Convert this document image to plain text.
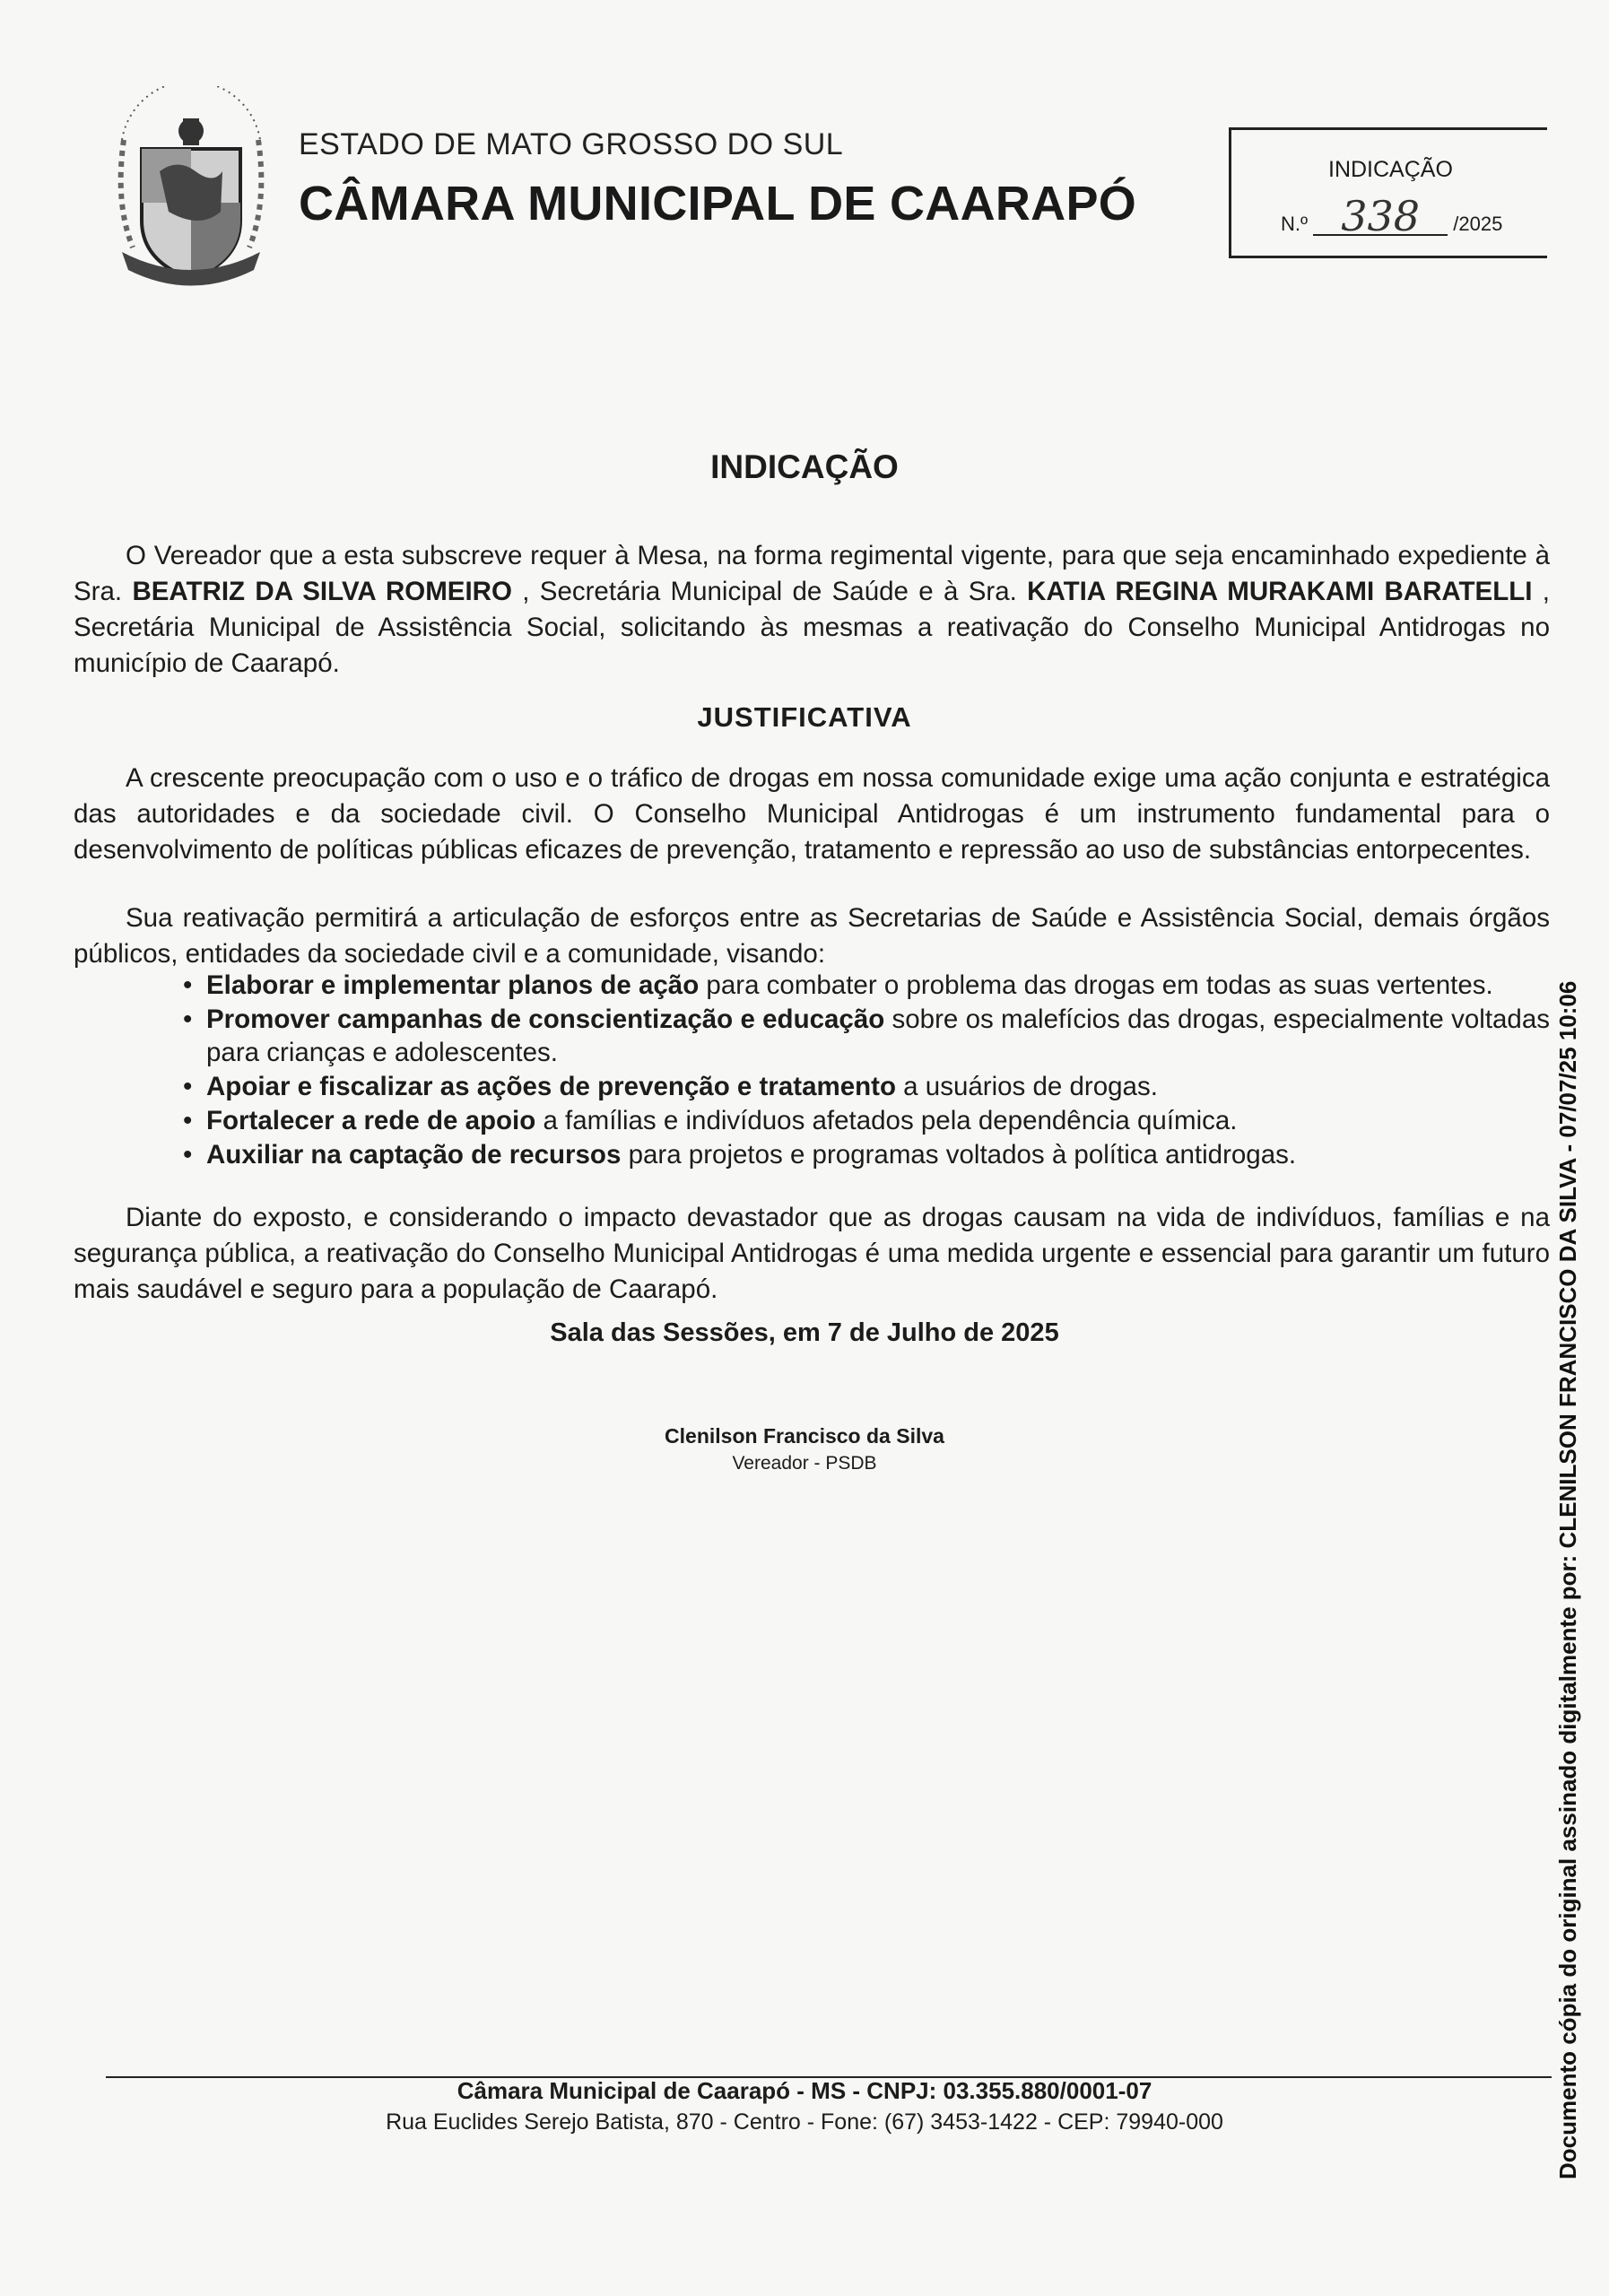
ESTADO DE MATO GROSSO DO SUL
CÂMARA MUNICIPAL DE CAARAPÓ
INDICAÇÃO
N.º 338 /2025
INDICAÇÃO

O Vereador que a esta subscreve requer à Mesa, na forma regimental vigente, para que seja encaminhado expediente à Sra. BEATRIZ DA SILVA ROMEIRO , Secretária Municipal de Saúde e à Sra. KATIA REGINA MURAKAMI BARATELLI , Secretária Municipal de Assistência Social, solicitando às mesmas a reativação do Conselho Municipal Antidrogas no município de Caarapó.

JUSTIFICATIVA

A crescente preocupação com o uso e o tráfico de drogas em nossa comunidade exige uma ação conjunta e estratégica das autoridades e da sociedade civil. O Conselho Municipal Antidrogas é um instrumento fundamental para o desenvolvimento de políticas públicas eficazes de prevenção, tratamento e repressão ao uso de substâncias entorpecentes.

Sua reativação permitirá a articulação de esforços entre as Secretarias de Saúde e Assistência Social, demais órgãos públicos, entidades da sociedade civil e a comunidade, visando:

• Elaborar e implementar planos de ação para combater o problema das drogas em todas as suas vertentes.
• Promover campanhas de conscientização e educação sobre os malefícios das drogas, especialmente voltadas para crianças e adolescentes.
• Apoiar e fiscalizar as ações de prevenção e tratamento a usuários de drogas.
• Fortalecer a rede de apoio a famílias e indivíduos afetados pela dependência química.
• Auxiliar na captação de recursos para projetos e programas voltados à política antidrogas.

Diante do exposto, e considerando o impacto devastador que as drogas causam na vida de indivíduos, famílias e na segurança pública, a reativação do Conselho Municipal Antidrogas é uma medida urgente e essencial para garantir um futuro mais saudável e seguro para a população de Caarapó.

Sala das Sessões, em 7 de Julho de 2025
Clenilson Francisco da Silva
Vereador - PSDB
Câmara Municipal de Caarapó - MS - CNPJ: 03.355.880/0001-07
Rua Euclides Serejo Batista, 870 - Centro - Fone: (67) 3453-1422 - CEP: 79940-000	Documento cópia do original assinado digitalmente por: CLENILSON FRANCISCO DA SILVA - 07/07/25 10:06
